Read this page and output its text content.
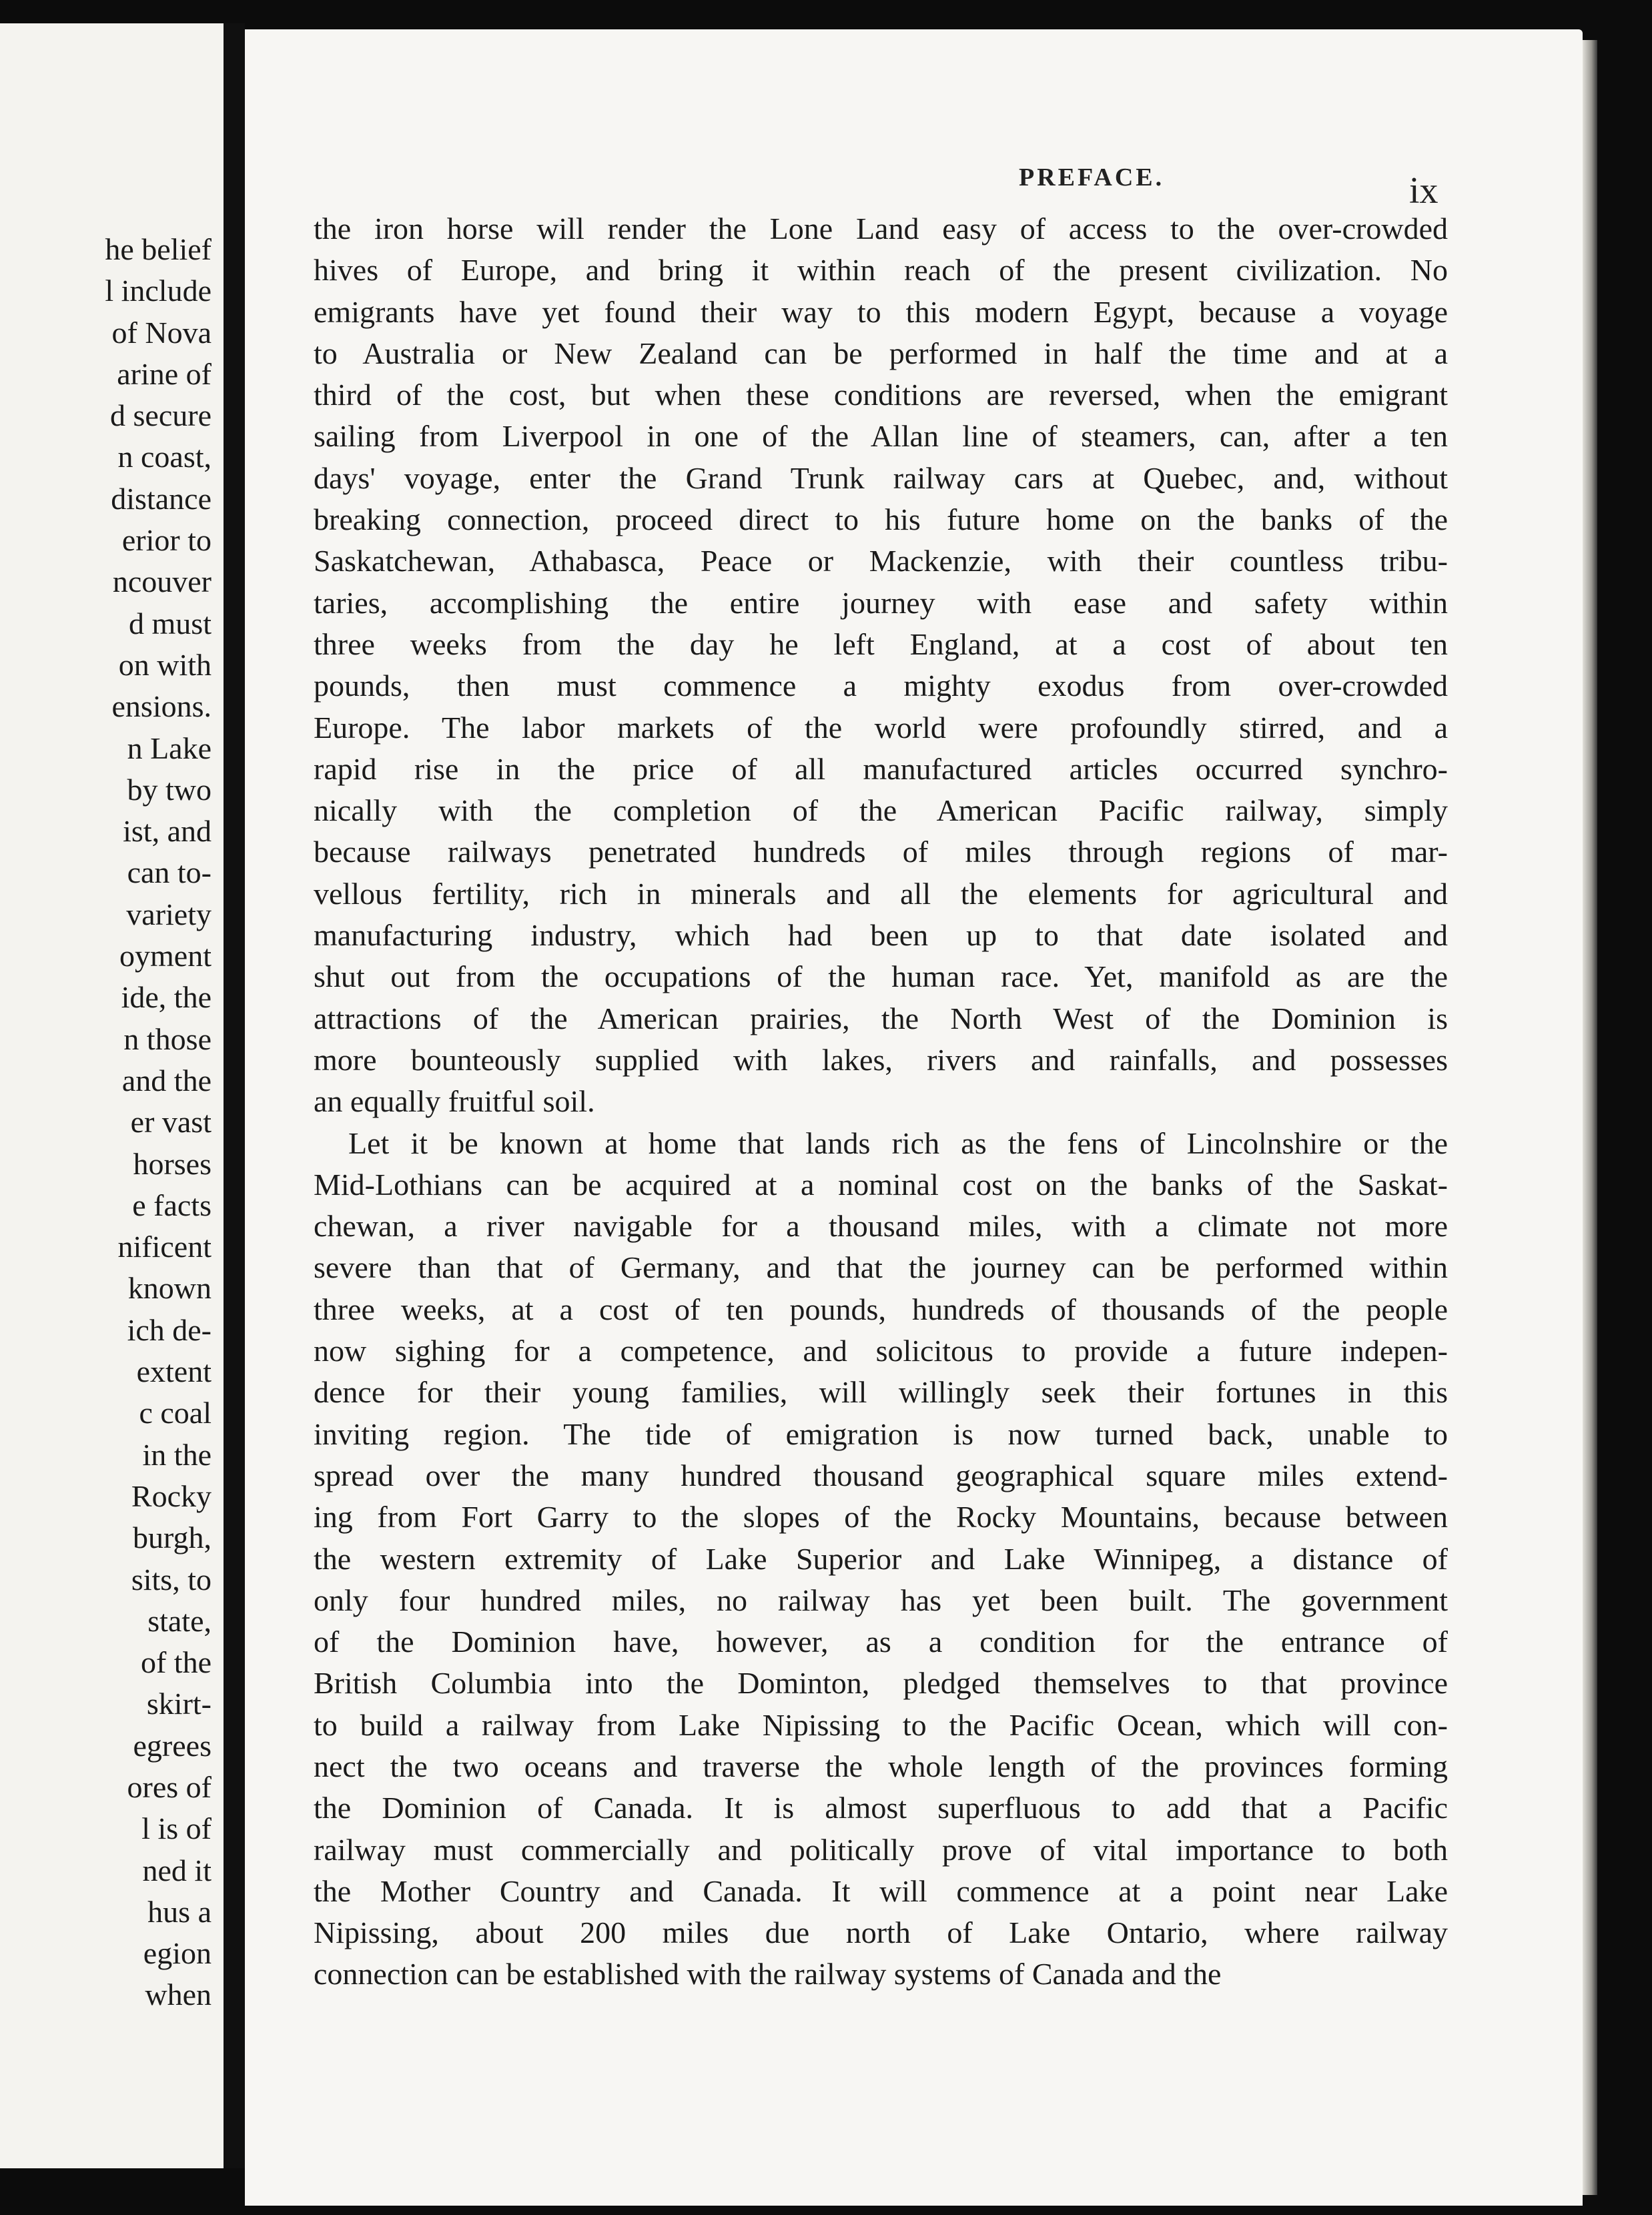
he belief
l include
of Nova
arine of
d secure
n coast,
distance
erior to
ncouver
d must
on with
ensions.
n Lake
by two
ist, and
can to-
variety
oyment
ide, the
n those
and the
er vast
horses
e facts
nificent
known
ich de-
extent
c coal
in the
Rocky
burgh,
sits, to
state,
of the
skirt-
egrees
ores of
l is of
ned it
hus a
egion
when
PREFACE.	ix
the iron horse will render the Lone Land easy of access to the over-crowded
hives of Europe, and bring it within reach of the present civilization. No
emigrants have yet found their way to this modern Egypt, because a voyage
to Australia or New Zealand can be performed in half the time and at a
third of the cost, but when these conditions are reversed, when the emigrant
sailing from Liverpool in one of the Allan line of steamers, can, after a ten
days' voyage, enter the Grand Trunk railway cars at Quebec, and, without
breaking connection, proceed direct to his future home on the banks of the
Saskatchewan, Athabasca, Peace or Mackenzie, with their countless tribu-
taries, accomplishing the entire journey with ease and safety within
three weeks from the day he left England, at a cost of about ten
pounds, then must commence a mighty exodus from over-crowded
Europe. The labor markets of the world were profoundly stirred, and a
rapid rise in the price of all manufactured articles occurred synchro-
nically with the completion of the American Pacific railway, simply
because railways penetrated hundreds of miles through regions of mar-
vellous fertility, rich in minerals and all the elements for agricultural and
manufacturing industry, which had been up to that date isolated and
shut out from the occupations of the human race. Yet, manifold as are the
attractions of the American prairies, the North West of the Dominion is
more bounteously supplied with lakes, rivers and rainfalls, and possesses
an equally fruitful soil.
Let it be known at home that lands rich as the fens of Lincolnshire or the
Mid-Lothians can be acquired at a nominal cost on the banks of the Saskat-
chewan, a river navigable for a thousand miles, with a climate not more
severe than that of Germany, and that the journey can be performed within
three weeks, at a cost of ten pounds, hundreds of thousands of the people
now sighing for a competence, and solicitous to provide a future indepen-
dence for their young families, will willingly seek their fortunes in this
inviting region. The tide of emigration is now turned back, unable to
spread over the many hundred thousand geographical square miles extend-
ing from Fort Garry to the slopes of the Rocky Mountains, because between
the western extremity of Lake Superior and Lake Winnipeg, a distance of
only four hundred miles, no railway has yet been built. The government
of the Dominion have, however, as a condition for the entrance of
British Columbia into the Dominton, pledged themselves to that province
to build a railway from Lake Nipissing to the Pacific Ocean, which will con-
nect the two oceans and traverse the whole length of the provinces forming
the Dominion of Canada. It is almost superfluous to add that a Pacific
railway must commercially and politically prove of vital importance to both
the Mother Country and Canada. It will commence at a point near Lake
Nipissing, about 200 miles due north of Lake Ontario, where railway
connection can be established with the railway systems of Canada and the
